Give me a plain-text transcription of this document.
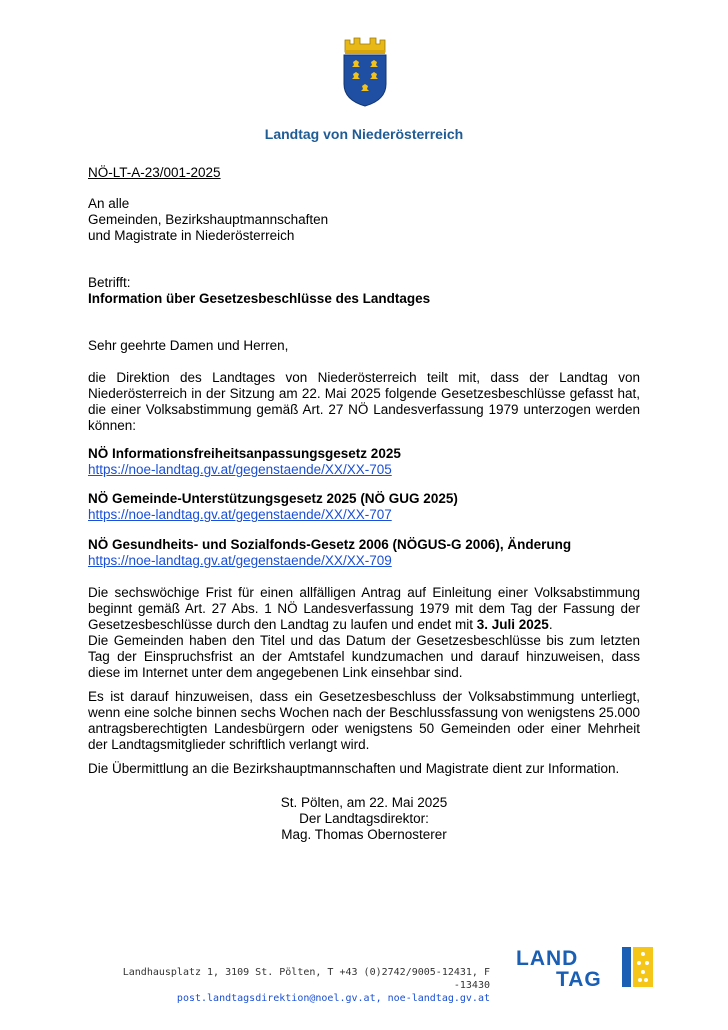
Landtag von Niederösterreich
NÖ-LT-A-23/001-2025
An alle
Gemeinden, Bezirkshauptmannschaften
und Magistrate in Niederösterreich
Betrifft:
Information über Gesetzesbeschlüsse des Landtages
Sehr geehrte Damen und Herren,

die Direktion des Landtages von Niederösterreich teilt mit, dass der Landtag von Niederösterreich in der Sitzung am 22. Mai 2025 folgende Gesetzesbeschlüsse gefasst hat, die einer Volksabstimmung gemäß Art. 27 NÖ Landesverfassung 1979 unterzogen werden können:

NÖ Informationsfreiheitsanpassungsgesetz 2025
https://noe-landtag.gv.at/gegenstaende/XX/XX-705
NÖ Gemeinde-Unterstützungsgesetz 2025 (NÖ GUG 2025)
https://noe-landtag.gv.at/gegenstaende/XX/XX-707
NÖ Gesundheits- und Sozialfonds-Gesetz 2006 (NÖGUS-G 2006), Änderung
https://noe-landtag.gv.at/gegenstaende/XX/XX-709

Die sechswöchige Frist für einen allfälligen Antrag auf Einleitung einer Volksabstimmung beginnt gemäß Art. 27 Abs. 1 NÖ Landesverfassung 1979 mit dem Tag der Fassung der Gesetzesbeschlüsse durch den Landtag zu laufen und endet mit 3. Juli 2025.

Die Gemeinden haben den Titel und das Datum der Gesetzesbeschlüsse bis zum letzten Tag der Einspruchsfrist an der Amtstafel kundzumachen und darauf hinzuweisen, dass diese im Internet unter dem angegebenen Link einsehbar sind.

Es ist darauf hinzuweisen, dass ein Gesetzesbeschluss der Volksabstimmung unterliegt, wenn eine solche binnen sechs Wochen nach der Beschlussfassung von wenigstens 25.000 antragsberechtigten Landesbürgern oder wenigstens 50 Gemeinden oder einer Mehrheit der Landtagsmitglieder schriftlich verlangt wird.

Die Übermittlung an die Bezirkshauptmannschaften und Magistrate dient zur Information.

St. Pölten, am 22. Mai 2025
Der Landtagsdirektor:
Mag. Thomas Obernosterer
Landhausplatz 1, 3109 St. Pölten, T +43 (0)2742/9005-12431, F -13430
post.landtagsdirektion@noel.gv.at, noe-landtag.gv.at
LAND
TAG
